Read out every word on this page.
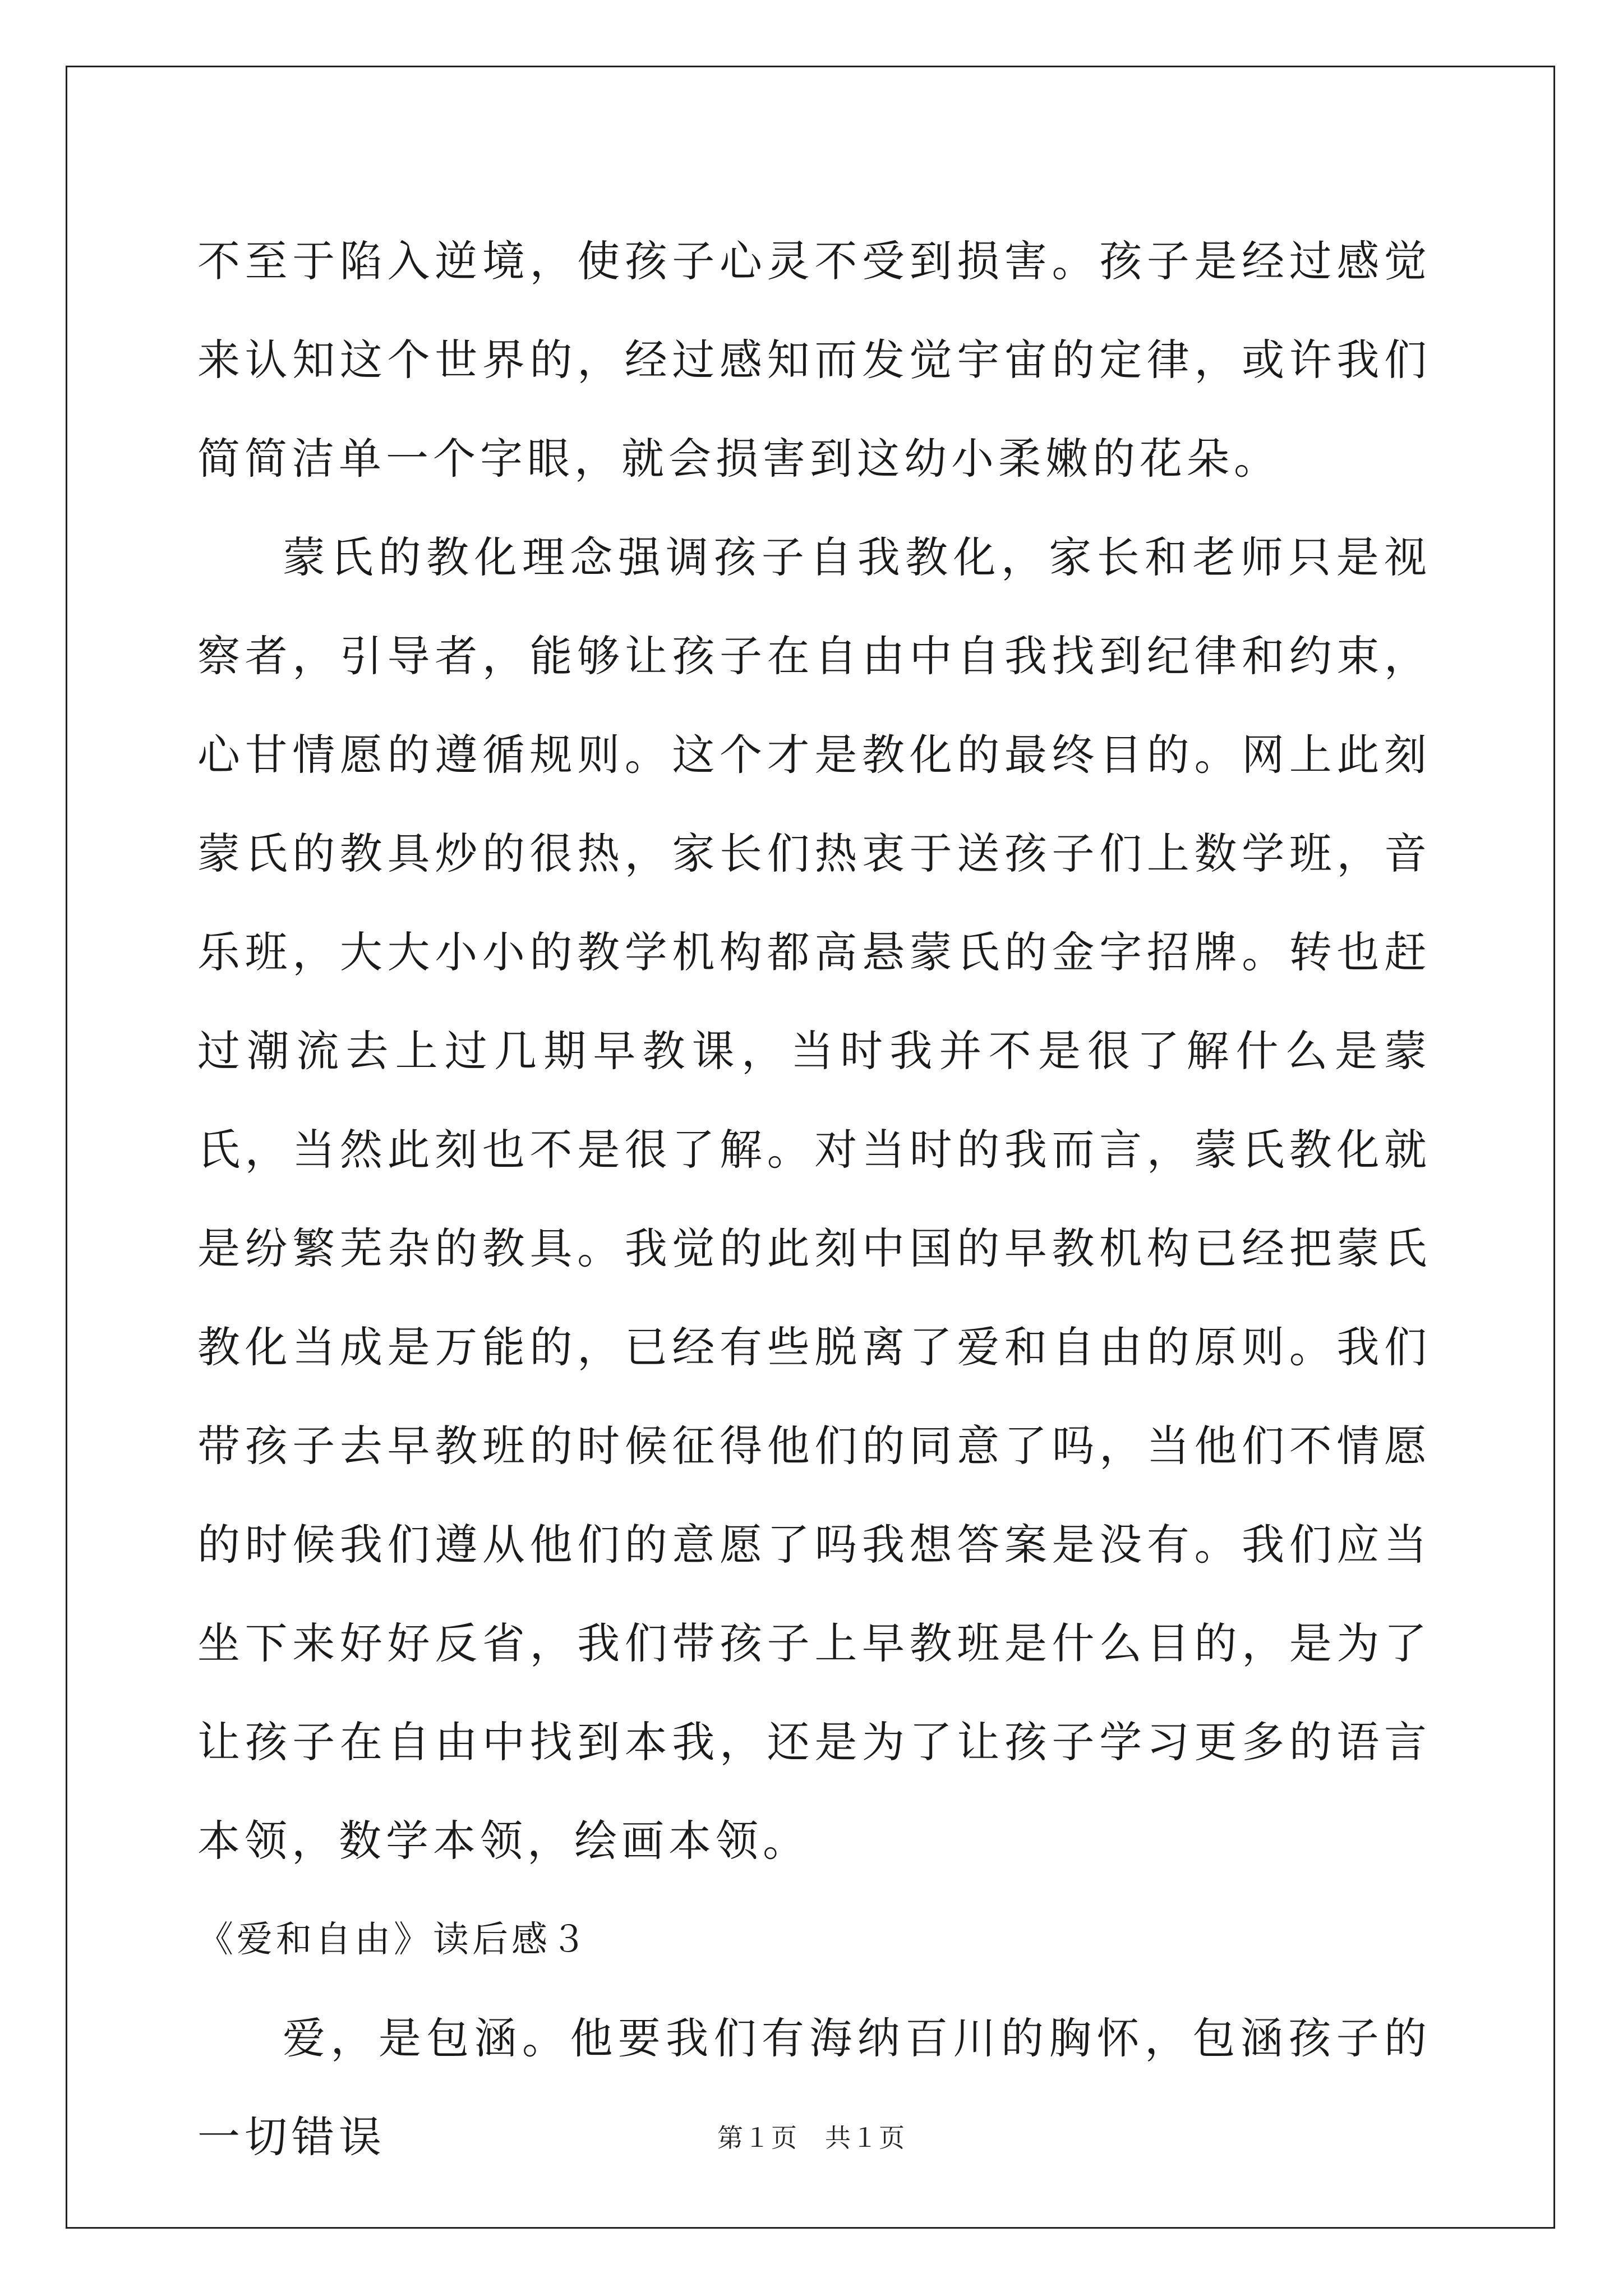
不至于陷入逆境，使孩子心灵不受到损害。孩子是经过感觉来认知这个世界的，经过感知而发觉宇宙的定律，或许我们简简洁单一个字眼，就会损害到这幼小柔嫩的花朵。

蒙氏的教化理念强调孩子自我教化，家长和老师只是视察者，引导者，能够让孩子在自由中自我找到纪律和约束，心甘情愿的遵循规则。这个才是教化的最终目的。网上此刻蒙氏的教具炒的很热，家长们热衷于送孩子们上数学班，音乐班，大大小小的教学机构都高悬蒙氏的金字招牌。转也赶过潮流去上过几期早教课，当时我并不是很了解什么是蒙氏，当然此刻也不是很了解。对当时的我而言，蒙氏教化就是纷繁芜杂的教具。我觉的此刻中国的早教机构已经把蒙氏教化当成是万能的，已经有些脱离了爱和自由的原则。我们带孩子去早教班的时候征得他们的同意了吗，当他们不情愿的时候我们遵从他们的意愿了吗我想答案是没有。我们应当坐下来好好反省，我们带孩子上早教班是什么目的，是为了让孩子在自由中找到本我，还是为了让孩子学习更多的语言本领，数学本领，绘画本领。

《爱和自由》读后感３

爱，是包涵。他要我们有海纳百川的胸怀，包涵孩子的一切错误	第１页 共１页
